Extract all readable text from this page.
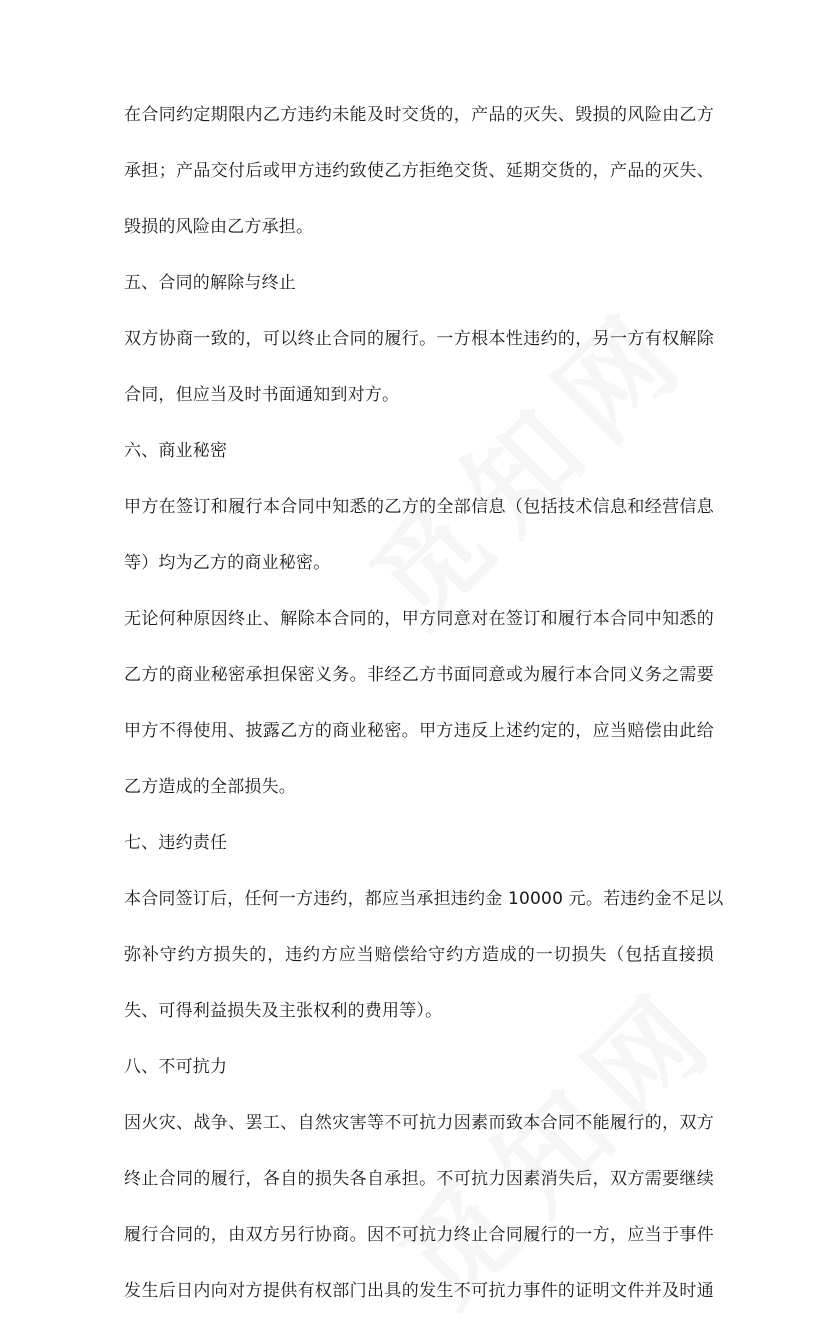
在合同约定期限内乙方违约未能及时交货的，产品的灭失、毁损的风险由乙方
承担；产品交付后或甲方违约致使乙方拒绝交货、延期交货的，产品的灭失、
毁损的风险由乙方承担。
五、合同的解除与终止
双方协商一致的，可以终止合同的履行。一方根本性违约的，另一方有权解除
合同，但应当及时书面通知到对方。
六、商业秘密
甲方在签订和履行本合同中知悉的乙方的全部信息（包括技术信息和经营信息
等）均为乙方的商业秘密。
无论何种原因终止、解除本合同的，甲方同意对在签订和履行本合同中知悉的
乙方的商业秘密承担保密义务。非经乙方书面同意或为履行本合同义务之需要
甲方不得使用、披露乙方的商业秘密。甲方违反上述约定的，应当赔偿由此给
乙方造成的全部损失。
七、违约责任
本合同签订后，任何一方违约，都应当承担违约金 10000 元。若违约金不足以
弥补守约方损失的，违约方应当赔偿给守约方造成的一切损失（包括直接损
失、可得利益损失及主张权利的费用等）。
八、不可抗力
因火灾、战争、罢工、自然灾害等不可抗力因素而致本合同不能履行的，双方
终止合同的履行，各自的损失各自承担。不可抗力因素消失后，双方需要继续
履行合同的，由双方另行协商。因不可抗力终止合同履行的一方，应当于事件
发生后日内向对方提供有权部门出具的发生不可抗力事件的证明文件并及时通
